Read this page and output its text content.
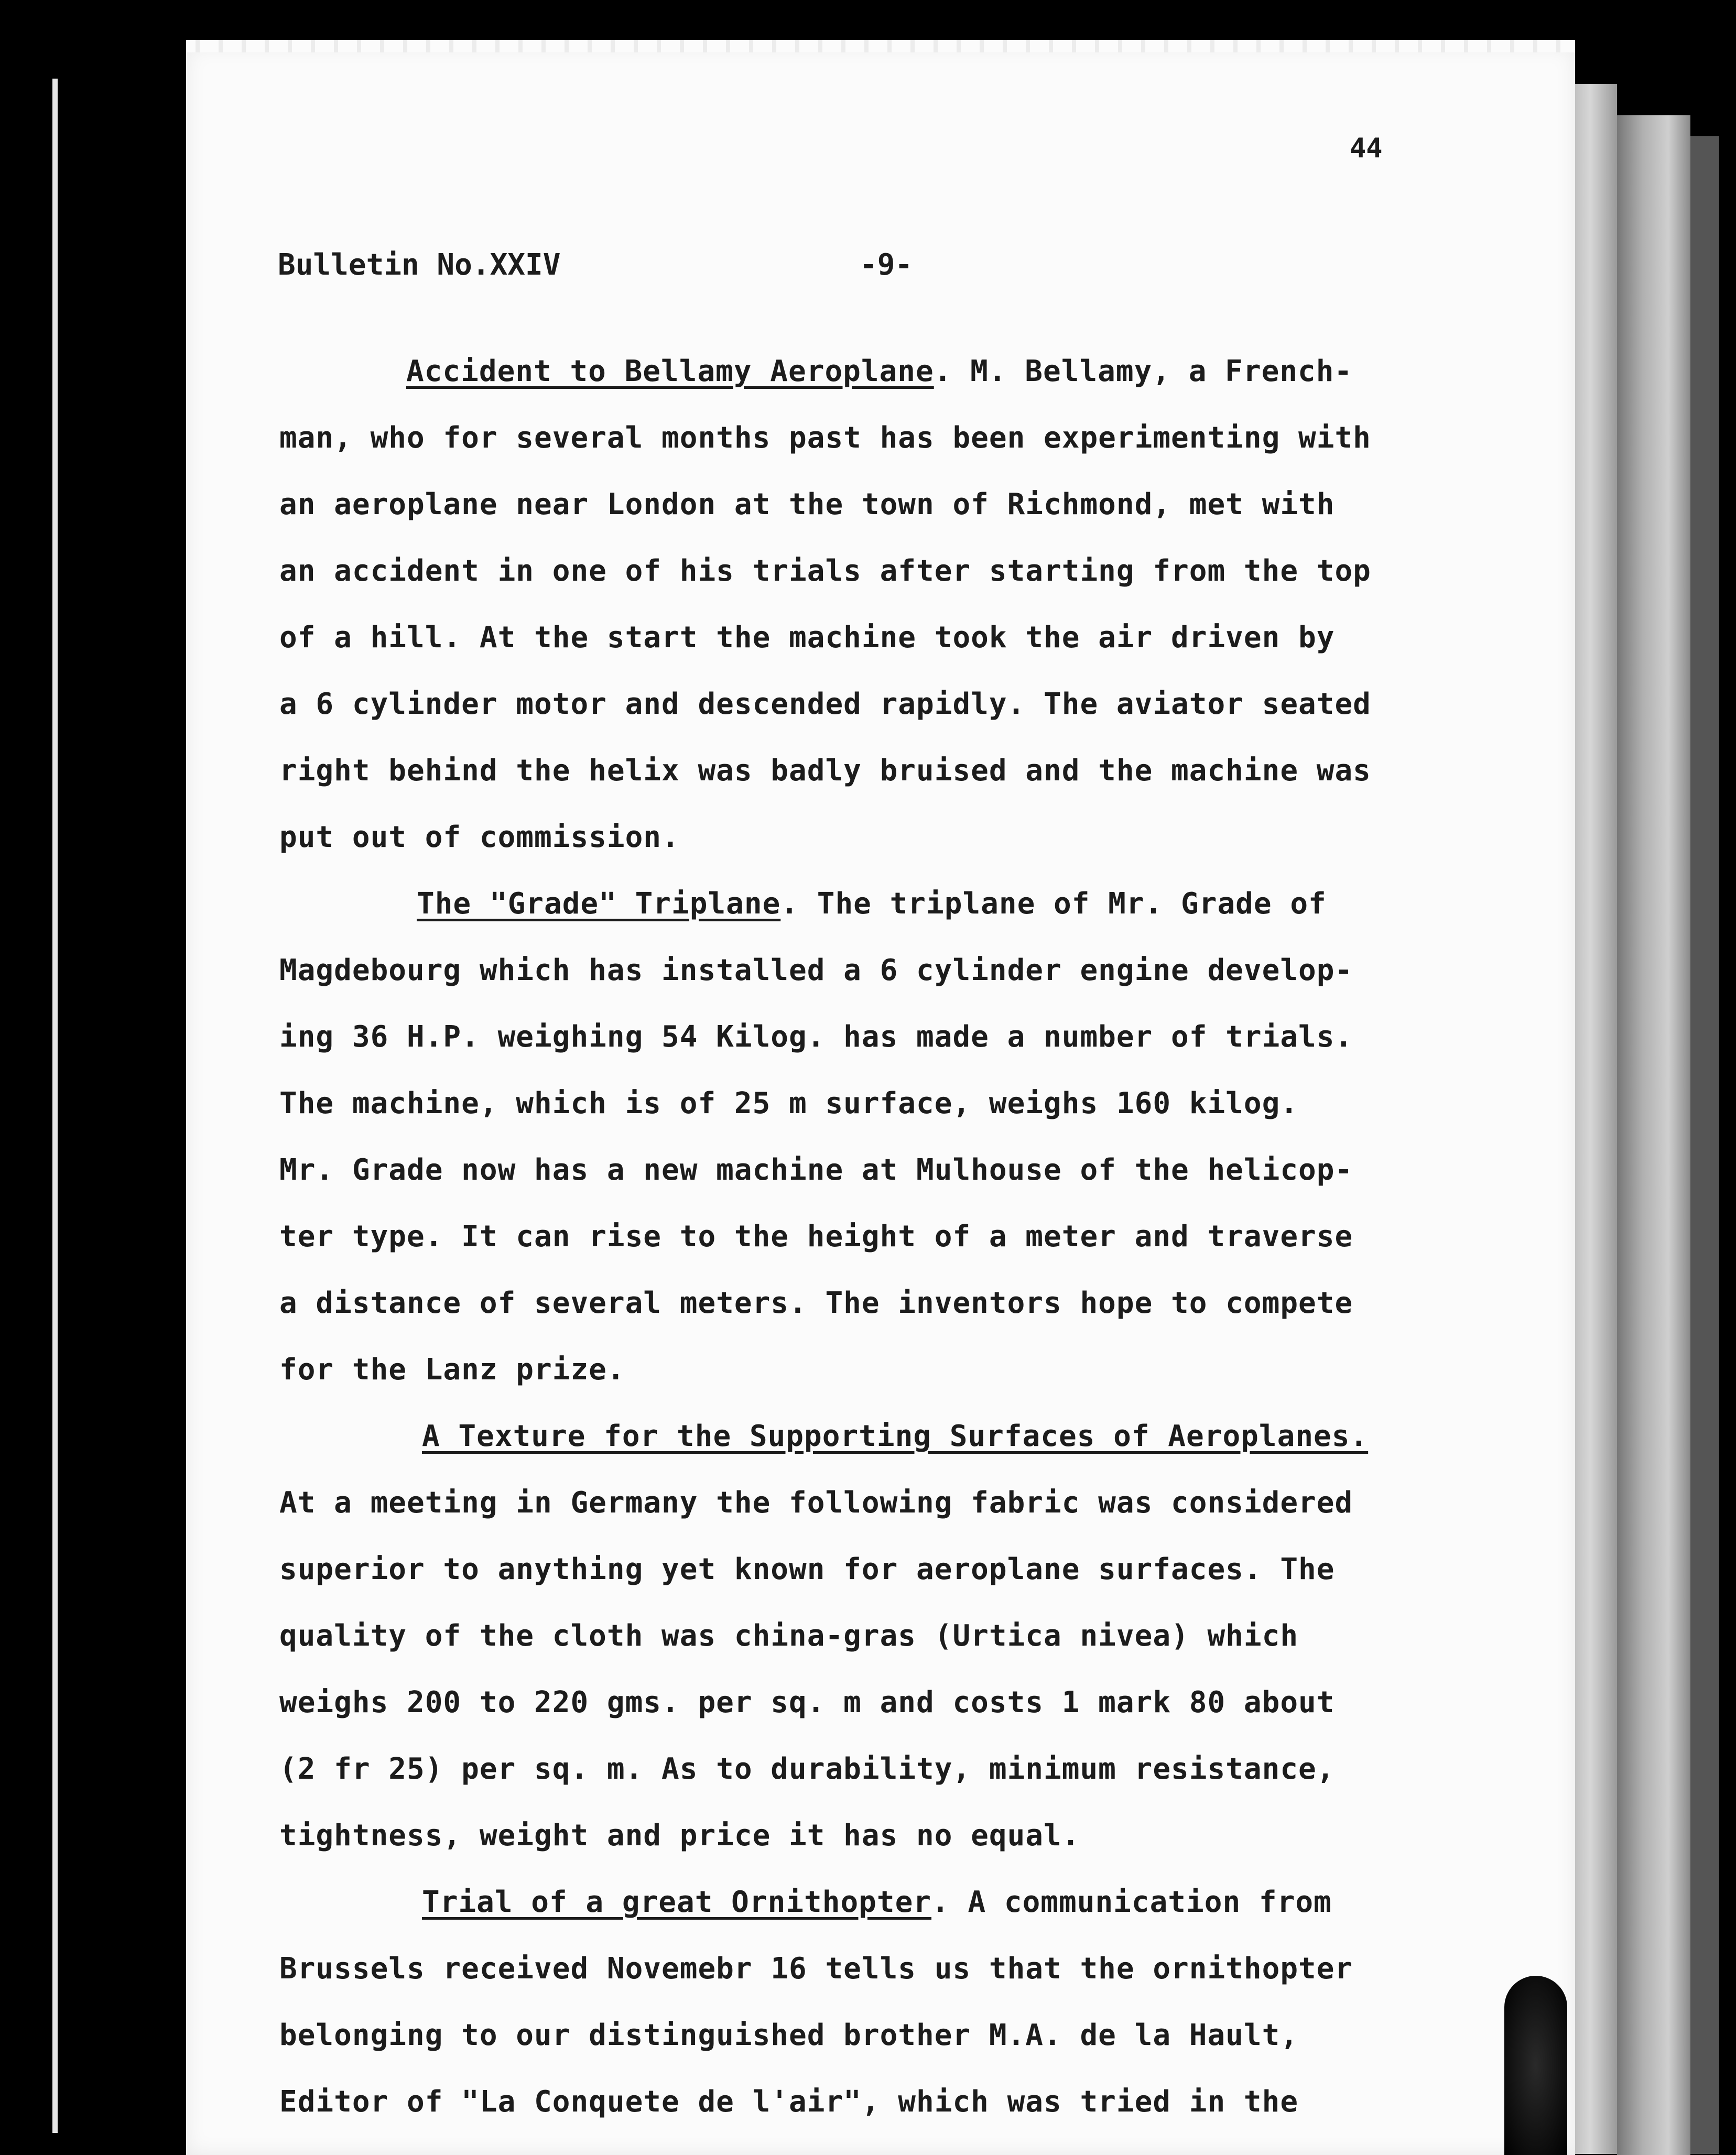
44
Bulletin No.XXIV	-9-
Accident to Bellamy Aeroplane. M. Bellamy, a French-
man, who for several months past has been experimenting with
an aeroplane near London at the town of Richmond, met with
an accident in one of his trials after starting from the top
of a hill. At the start the machine took the air driven by
a 6 cylinder motor and descended rapidly. The aviator seated
right behind the helix was badly bruised and the machine was
put out of commission.
The "Grade" Triplane. The triplane of Mr. Grade of
Magdebourg which has installed a 6 cylinder engine develop-
ing 36 H.P. weighing 54 Kilog. has made a number of trials.
The machine, which is of 25 m surface, weighs 160 kilog.
Mr. Grade now has a new machine at Mulhouse of the helicop-
ter type. It can rise to the height of a meter and traverse
a distance of several meters. The inventors hope to compete
for the Lanz prize.
A Texture for the Supporting Surfaces of Aeroplanes.
At a meeting in Germany the following fabric was considered
superior to anything yet known for aeroplane surfaces. The
quality of the cloth was china-gras (Urtica nivea) which
weighs 200 to 220 gms. per sq. m and costs 1 mark 80 about
(2 fr 25) per sq. m. As to durability, minimum resistance,
tightness, weight and price it has no equal.
Trial of a great Ornithopter. A communication from
Brussels received Novemebr 16 tells us that the ornithopter
belonging to our distinguished brother M.A. de la Hault,
Editor of "La Conquete de l'air", which was tried in the
